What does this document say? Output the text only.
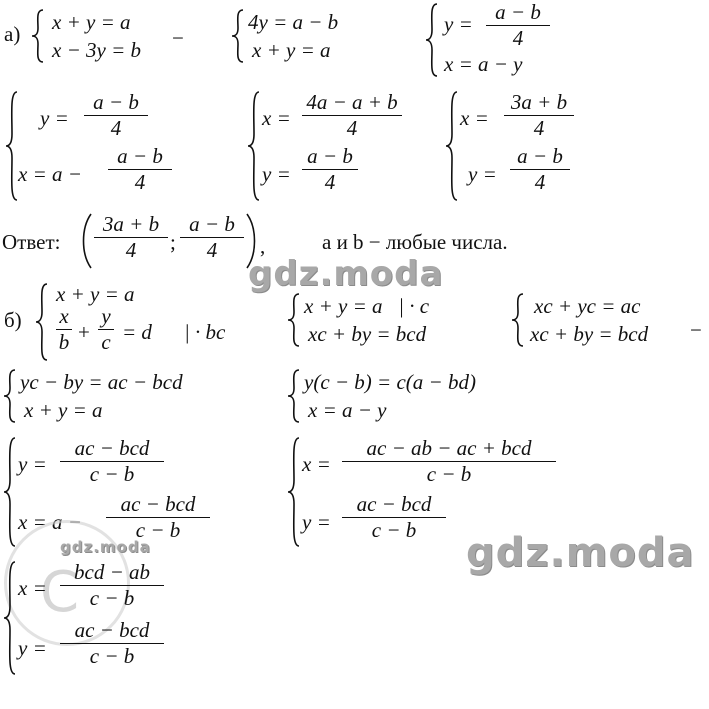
а) x + y = a
x − 3y = b −
4y = a − b
x + y = a
y = a − b
4
x = a − y
y =
a − b
4
x = a −
a − b
4
x =
4a − a + b
4
y =
a − b
4
x =
3a + b
4
y =
a − b
4
Ответ:
3a + b
4 ;
a − b
4 ,	a и b − любые числа.
gdz.moda
б)
x + y = a
x
b +
y
c = d | · bc
x + y = a   | · c
xc + by = bcd
xc + yc = ac
xc + by = bcd −
yc − by = ac − bcd
x + y = a
y(c − b) = c(a − bd)
x = a − y
y =
ac − bcd
c − b
x = a −
ac − bcd
c − b
x =
ac − ab − ac + bcd
c − b
y =
ac − bcd
c − b gdz.moda
С
gdz.moda
x =
bcd − ab
c − b
y =
ac − bcd
c − b
